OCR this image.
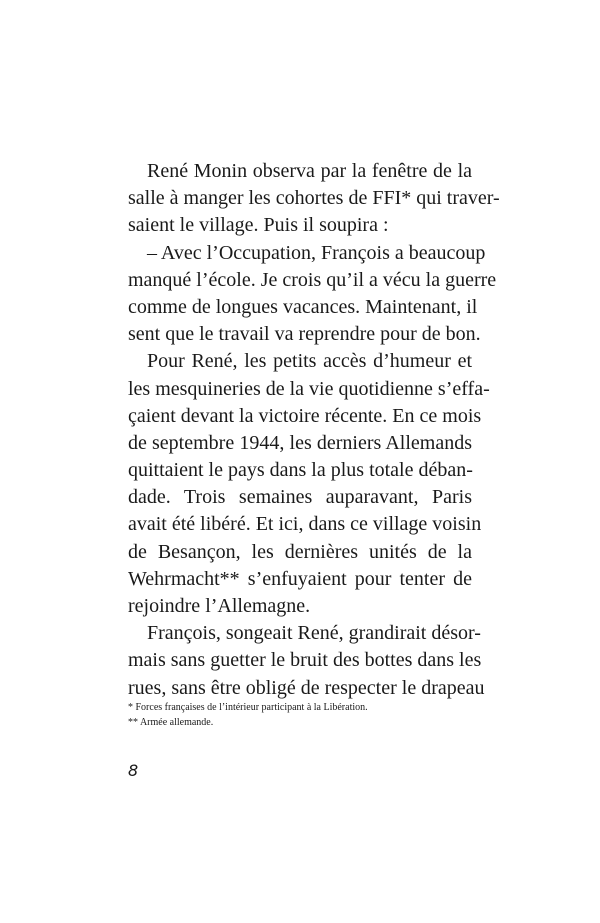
René Monin observa par la fenêtre de la
salle à manger les cohortes de FFI* qui traver-
saient le village. Puis il soupira :
– Avec l’Occupation, François a beaucoup
manqué l’école. Je crois qu’il a vécu la guerre
comme de longues vacances. Maintenant, il
sent que le travail va reprendre pour de bon.
Pour René, les petits accès d’humeur et
les mesquineries de la vie quotidienne s’effa-
çaient devant la victoire récente. En ce mois
de septembre 1944, les derniers Allemands
quittaient le pays dans la plus totale déban-
dade. Trois semaines auparavant, Paris
avait été libéré. Et ici, dans ce village voisin
de Besançon, les dernières unités de la
Wehrmacht** s’enfuyaient pour tenter de
rejoindre l’Allemagne.
François, songeait René, grandirait désor-
mais sans guetter le bruit des bottes dans les
rues, sans être obligé de respecter le drapeau
* Forces françaises de l’intérieur participant à la Libération.
** Armée allemande.
8
